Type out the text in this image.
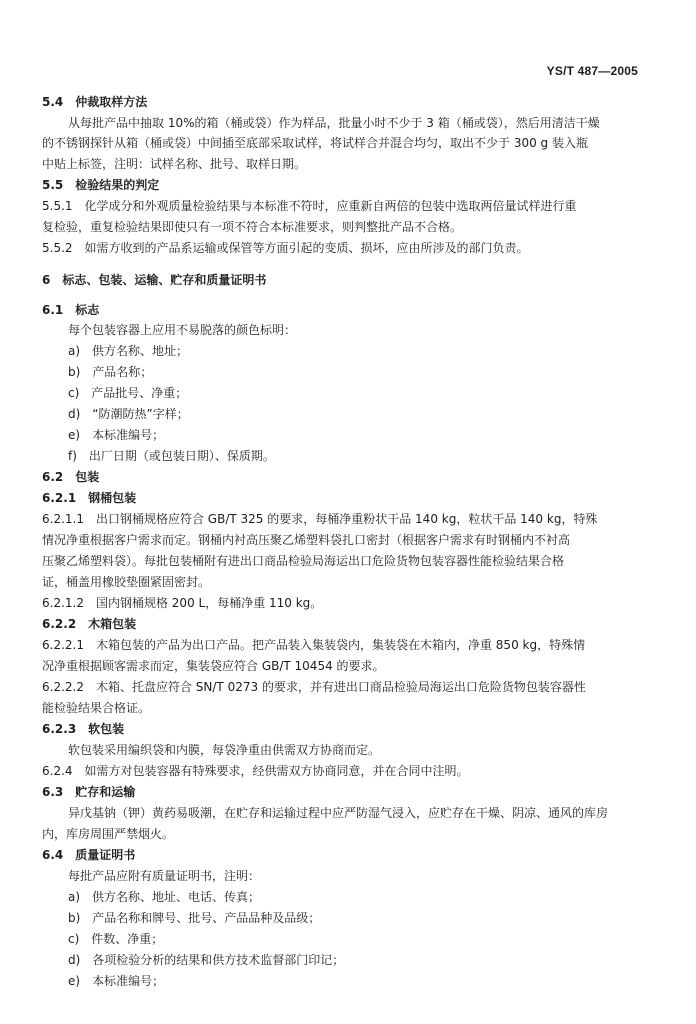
YS/T 487—2005
5.4　仲裁取样方法
从每批产品中抽取 10%的箱（桶或袋）作为样品，批量小时不少于 3 箱（桶或袋），然后用清洁干燥
的不锈钢探针从箱（桶或袋）中间插至底部采取试样，将试样合并混合均匀，取出不少于 300 g 装入瓶
中贴上标签，注明：试样名称、批号、取样日期。
5.5　检验结果的判定
5.5.1　化学成分和外观质量检验结果与本标准不符时，应重新自两倍的包装中选取两倍量试样进行重
复检验，重复检验结果即使只有一项不符合本标准要求，则判整批产品不合格。
5.5.2　如需方收到的产品系运输或保管等方面引起的变质、损坏，应由所涉及的部门负责。
6　标志、包装、运输、贮存和质量证明书
6.1　标志
每个包装容器上应用不易脱落的颜色标明：
a)　供方名称、地址；
b)　产品名称；
c)　产品批号、净重；
d)　“防潮防热”字样；
e)　本标准编号；
f)　出厂日期（或包装日期）、保质期。
6.2　包装
6.2.1　钢桶包装
6.2.1.1　出口钢桶规格应符合 GB/T 325 的要求，每桶净重粉状干品 140 kg，粒状干品 140 kg，特殊
情况净重根据客户需求而定。钢桶内衬高压聚乙烯塑料袋扎口密封（根据客户需求有时钢桶内不衬高
压聚乙烯塑料袋）。每批包装桶附有进出口商品检验局海运出口危险货物包装容器性能检验结果合格
证，桶盖用橡胶垫圈紧固密封。
6.2.1.2　国内钢桶规格 200 L，每桶净重 110 kg。
6.2.2　木箱包装
6.2.2.1　木箱包装的产品为出口产品。把产品装入集装袋内，集装袋在木箱内，净重 850 kg，特殊情
况净重根据顾客需求而定，集装袋应符合 GB/T 10454 的要求。
6.2.2.2　木箱、托盘应符合 SN/T 0273 的要求，并有进出口商品检验局海运出口危险货物包装容器性
能检验结果合格证。
6.2.3　软包装
软包装采用编织袋和内膜，每袋净重由供需双方协商而定。
6.2.4　如需方对包装容器有特殊要求，经供需双方协商同意，并在合同中注明。
6.3　贮存和运输
异戊基钠（钾）黄药易吸潮，在贮存和运输过程中应严防湿气浸入，应贮存在干燥、阴凉、通风的库房
内，库房周围严禁烟火。
6.4　质量证明书
每批产品应附有质量证明书，注明：
a)　供方名称、地址、电话、传真；
b)　产品名称和牌号、批号、产品品种及品级；
c)　件数、净重；
d)　各项检验分析的结果和供方技术监督部门印记；
e)　本标准编号；
